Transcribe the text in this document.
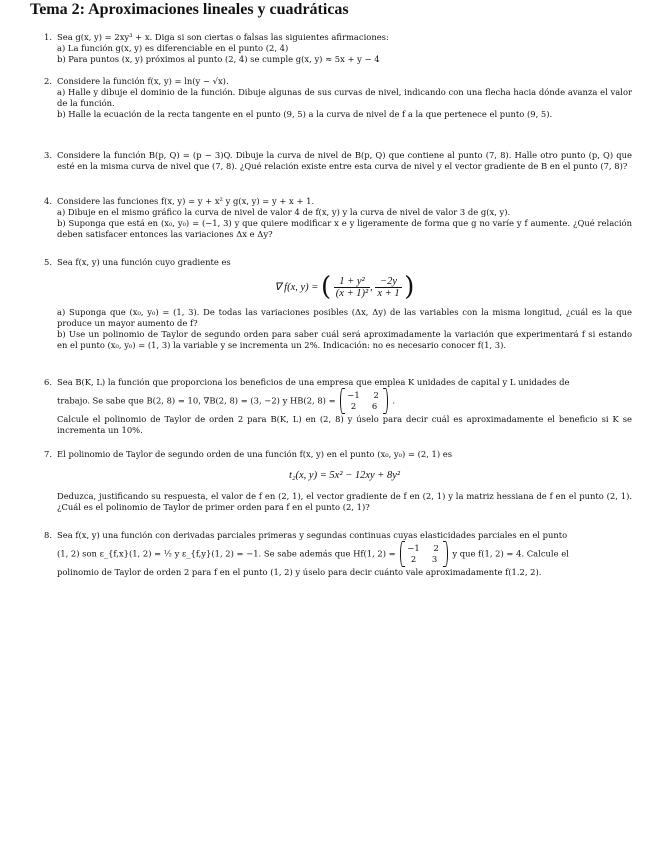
Tema 2: Aproximaciones lineales y cuadráticas
1. Sea g(x, y) = 2xy³ + x. Diga si son ciertas o falsas las siguientes afirmaciones:
a) La función g(x, y) es diferenciable en el punto (2, 4)
b) Para puntos (x, y) próximos al punto (2, 4) se cumple g(x, y) ≈ 5x + y − 4
2. Considere la función f(x, y) = ln(y − √x).
a) Halle y dibuje el dominio de la función. Dibuje algunas de sus curvas de nivel, indicando con una flecha hacia dónde avanza el valor de la función.
b) Halle la ecuación de la recta tangente en el punto (9, 5) a la curva de nivel de f a la que pertenece el punto (9, 5).
3. Considere la función B(p, Q) = (p − 3)Q. Dibuje la curva de nivel de B(p, Q) que contiene al punto (7, 8). Halle otro punto (p, Q) que esté en la misma curva de nivel que (7, 8). ¿Qué relación existe entre esta curva de nivel y el vector gradiente de B en el punto (7, 8)?
4. Considere las funciones f(x, y) = y + x² y g(x, y) = y + x + 1.
a) Dibuje en el mismo gráfico la curva de nivel de valor 4 de f(x, y) y la curva de nivel de valor 3 de g(x, y).
b) Suponga que está en (x₀, y₀) = (−1, 3) y que quiere modificar x e y ligeramente de forma que g no varíe y f aumente. ¿Qué relación deben satisfacer entonces las variaciones Δx e Δy?
5. Sea f(x, y) una función cuyo gradiente es
∇ f(x, y) = ( $\frac{\text{1 + y²}}{\text{(x + 1)²}}$ , $\frac{-2y}{x + 1}$ )
a) Suponga que (x₀, y₀) = (1, 3). De todas las variaciones posibles (Δx, Δy) de las variables con la misma longitud, ¿cuál es la que produce un mayor aumento de f?
b) Use un polinomio de Taylor de segundo orden para saber cuál será aproximadamente la variación que experimentará f si estando en el punto (x₀, y₀) = (1, 3) la variable y se incrementa un 2%. Indicación: no es necesario conocer f(1, 3).
6. Sea B(K, L) la función que proporciona los beneficios de una empresa que emplea K unidades de capital y L unidades de
trabajo. Se sabe que B(2, 8) = 10, ∇B(2, 8) = (3, −2) y HB(2, 8) =
−1 2
2 6
.
Calcule el polinomio de Taylor de orden 2 para B(K, L) en (2, 8) y úselo para decir cuál es aproximadamente el beneficio si K se incrementa un 10%.
7. El polinomio de Taylor de segundo orden de una función f(x, y) en el punto (x₀, y₀) = (2, 1) es
t₂(x, y) = 5x² − 12xy + 8y²
Deduzca, justificando su respuesta, el valor de f en (2, 1), el vector gradiente de f en (2, 1) y la matriz hessiana de f en el punto (2, 1). ¿Cuál es el polinomio de Taylor de primer orden para f en el punto (2, 1)?
8. Sea f(x, y) una función con derivadas parciales primeras y segundas continuas cuyas elasticidades parciales en el punto
(1, 2) son ε_{f,x}(1, 2) = ½ y ε_{f,y}(1, 2) = −1. Se sabe además que Hf(1, 2) =
−1 2
2 3
y que f(1, 2) = 4. Calcule el
polinomio de Taylor de orden 2 para f en el punto (1, 2) y úselo para decir cuánto vale aproximadamente f(1.2, 2).
